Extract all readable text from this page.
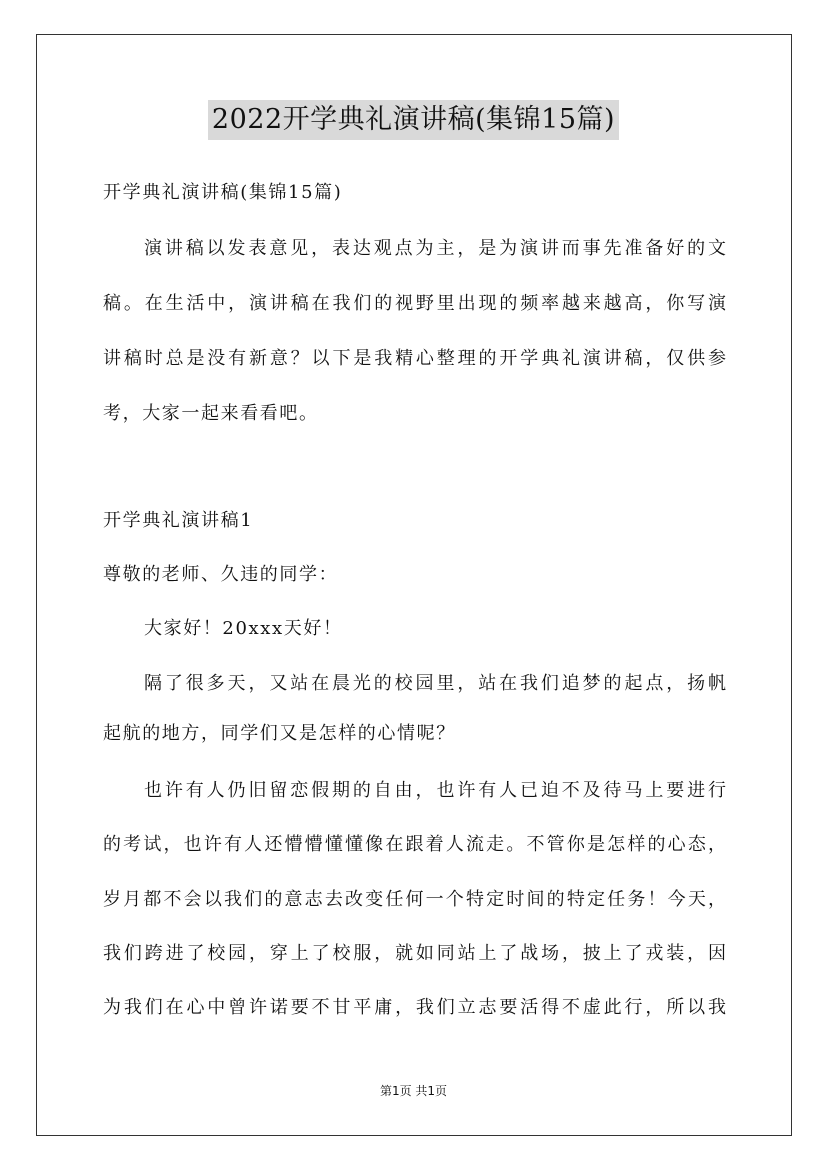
2022开学典礼演讲稿(集锦15篇)
开学典礼演讲稿(集锦15篇)
演讲稿以发表意见，表达观点为主，是为演讲而事先准备好的文
稿。在生活中，演讲稿在我们的视野里出现的频率越来越高，你写演
讲稿时总是没有新意？以下是我精心整理的开学典礼演讲稿，仅供参
考，大家一起来看看吧。
开学典礼演讲稿1
尊敬的老师、久违的同学：
大家好！20xxx天好！
隔了很多天，又站在晨光的校园里，站在我们追梦的起点，扬帆
起航的地方，同学们又是怎样的心情呢？
也许有人仍旧留恋假期的自由，也许有人已迫不及待马上要进行
的考试，也许有人还懵懵懂懂像在跟着人流走。不管你是怎样的心态，
岁月都不会以我们的意志去改变任何一个特定时间的特定任务！今天，
我们跨进了校园，穿上了校服，就如同站上了战场，披上了戎装，因
为我们在心中曾许诺要不甘平庸，我们立志要活得不虚此行，所以我
第1页 共1页
